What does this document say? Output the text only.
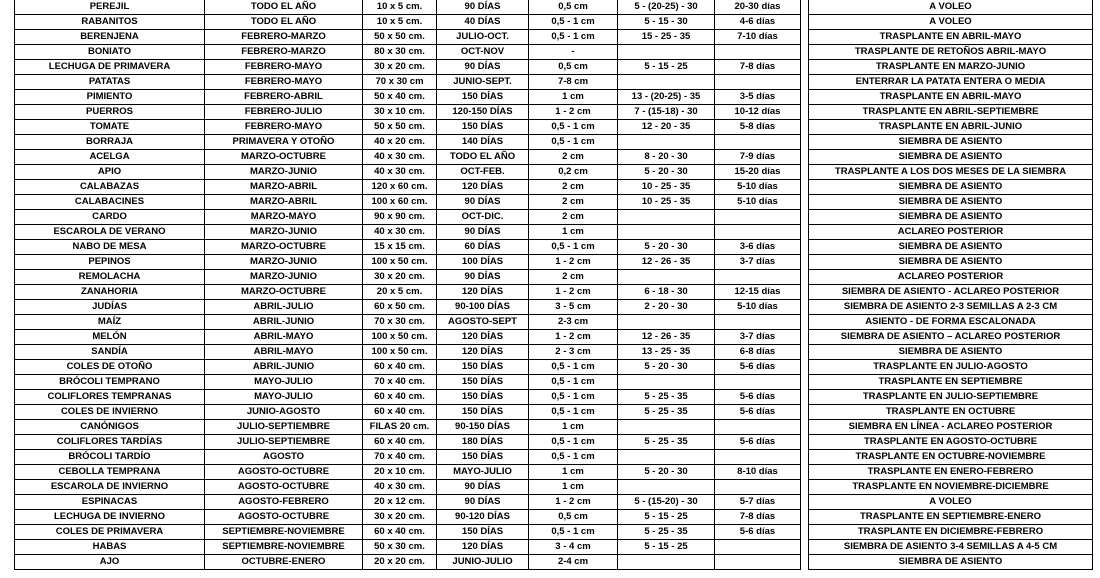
PEREJIL	TODO EL AÑO	10 x 5 cm.	90 DÍAS	0,5 cm	5 - (20-25) - 30	20-30 días		A VOLEO
RABANITOS	TODO EL AÑO	10 x 5 cm.	40 DÍAS	0,5 - 1 cm	5 - 15 - 30	4-6 días		A VOLEO
BERENJENA	FEBRERO-MARZO	50 x 50 cm.	JULIO-OCT.	0,5 - 1 cm	15 - 25 - 35	7-10 días		TRASPLANTE EN ABRIL-MAYO
BONIATO	FEBRERO-MARZO	80 x 30 cm.	OCT-NOV	-				TRASPLANTE DE RETOÑOS ABRIL-MAYO
LECHUGA DE PRIMAVERA	FEBRERO-MAYO	30 x 20 cm.	90 DÍAS	0,5 cm	5 - 15 - 25	7-8 días		TRASPLANTE EN MARZO-JUNIO
PATATAS	FEBRERO-MAYO	70 x 30 cm	JUNIO-SEPT.	7-8 cm				ENTERRAR LA PATATA ENTERA O MEDIA
PIMIENTO	FEBRERO-ABRIL	50 x 40 cm.	150 DÍAS	1 cm	13 - (20-25) - 35	3-5 días		TRASPLANTE EN ABRIL-MAYO
PUERROS	FEBRERO-JULIO	30 x 10 cm.	120-150 DÍAS	1 - 2 cm	7 - (15-18) - 30	10-12 días		TRASPLANTE EN ABRIL-SEPTIEMBRE
TOMATE	FEBRERO-MAYO	50 x 50 cm.	150 DÍAS	0,5 - 1 cm	12 - 20 - 35	5-8 días		TRASPLANTE EN ABRIL-JUNIO
BORRAJA	PRIMAVERA Y OTOÑO	40 x 20 cm.	140 DÍAS	0,5 - 1 cm				SIEMBRA DE ASIENTO
ACELGA	MARZO-OCTUBRE	40 x 30 cm.	TODO EL AÑO	2 cm	8 - 20 - 30	7-9 días		SIEMBRA DE ASIENTO
APIO	MARZO-JUNIO	40 x 30 cm.	OCT-FEB.	0,2 cm	5 - 20 - 30	15-20 días		TRASPLANTE A LOS DOS MESES DE LA SIEMBRA
CALABAZAS	MARZO-ABRIL	120 x 60 cm.	120 DÍAS	2 cm	10 - 25 - 35	5-10 días		SIEMBRA DE ASIENTO
CALABACINES	MARZO-ABRIL	100 x 60 cm.	90 DÍAS	2 cm	10 - 25 - 35	5-10 días		SIEMBRA DE ASIENTO
CARDO	MARZO-MAYO	90 x 90 cm.	OCT-DIC.	2 cm				SIEMBRA DE ASIENTO
ESCAROLA DE VERANO	MARZO-JUNIO	40 x 30 cm.	90 DÍAS	1 cm				ACLAREO POSTERIOR
NABO DE MESA	MARZO-OCTUBRE	15 x 15 cm.	60 DÍAS	0,5 - 1 cm	5 - 20 - 30	3-6 días		SIEMBRA DE ASIENTO
PEPINOS	MARZO-JUNIO	100 x 50 cm.	100 DÍAS	1 - 2 cm	12 - 26 - 35	3-7 días		SIEMBRA DE ASIENTO
REMOLACHA	MARZO-JUNIO	30 x 20 cm.	90 DÍAS	2 cm				ACLAREO POSTERIOR
ZANAHORIA	MARZO-OCTUBRE	20 x 5 cm.	120 DÍAS	1 - 2 cm	6 - 18 - 30	12-15 días		SIEMBRA DE ASIENTO - ACLAREO POSTERIOR
JUDÍAS	ABRIL-JULIO	60 x 50 cm.	90-100 DÍAS	3 - 5 cm	2 - 20 - 30	5-10 días		SIEMBRA DE ASIENTO 2-3 SEMILLAS A 2-3 CM
MAÍZ	ABRIL-JUNIO	70 x 30 cm.	AGOSTO-SEPT	2-3 cm				ASIENTO - DE FORMA ESCALONADA
MELÓN	ABRIL-MAYO	100 x 50 cm.	120 DÍAS	1 - 2 cm	12 - 26 - 35	3-7 días		SIEMBRA DE ASIENTO – ACLAREO POSTERIOR
SANDÍA	ABRIL-MAYO	100 x 50 cm.	120 DÍAS	2 - 3 cm	13 - 25 - 35	6-8 días		SIEMBRA DE ASIENTO
COLES DE OTOÑO	ABRIL-JUNIO	60 x 40 cm.	150 DÍAS	0,5 - 1 cm	5 - 20 - 30	5-6 días		TRASPLANTE EN JULIO-AGOSTO
BRÓCOLI TEMPRANO	MAYO-JULIO	70 x 40 cm.	150 DÍAS	0,5 - 1 cm				TRASPLANTE EN SEPTIEMBRE
COLIFLORES TEMPRANAS	MAYO-JULIO	60 x 40 cm.	150 DÍAS	0,5 - 1 cm	5 - 25 - 35	5-6 días		TRASPLANTE EN JULIO-SEPTIEMBRE
COLES DE INVIERNO	JUNIO-AGOSTO	60 x 40 cm.	150 DÍAS	0,5 - 1 cm	5 - 25 - 35	5-6 días		TRASPLANTE EN OCTUBRE
CANÓNIGOS	JULIO-SEPTIEMBRE	FILAS 20 cm.	90-150 DÍAS	1 cm				SIEMBRA EN LÍNEA - ACLAREO POSTERIOR
COLIFLORES TARDÍAS	JULIO-SEPTIEMBRE	60 x 40 cm.	180 DÍAS	0,5 - 1 cm	5 - 25 - 35	5-6 días		TRASPLANTE EN AGOSTO-OCTUBRE
BRÓCOLI TARDÍO	AGOSTO	70 x 40 cm.	150 DÍAS	0,5 - 1 cm				TRASPLANTE EN OCTUBRE-NOVIEMBRE
CEBOLLA TEMPRANA	AGOSTO-OCTUBRE	20 x 10 cm.	MAYO-JULIO	1 cm	5 - 20 - 30	8-10 días		TRASPLANTE EN ENERO-FEBRERO
ESCAROLA DE INVIERNO	AGOSTO-OCTUBRE	40 x 30 cm.	90 DÍAS	1 cm				TRASPLANTE EN NOVIEMBRE-DICIEMBRE
ESPINACAS	AGOSTO-FEBRERO	20 x 12 cm.	90 DÍAS	1 - 2 cm	5 - (15-20) - 30	5-7 días		A VOLEO
LECHUGA DE INVIERNO	AGOSTO-OCTUBRE	30 x 20 cm.	90-120 DÍAS	0,5 cm	5 - 15 - 25	7-8 días		TRASPLANTE EN SEPTIEMBRE-ENERO
COLES DE PRIMAVERA	SEPTIEMBRE-NOVIEMBRE	60 x 40 cm.	150 DÍAS	0,5 - 1 cm	5 - 25 - 35	5-6 días		TRASPLANTE EN DICIEMBRE-FEBRERO
HABAS	SEPTIEMBRE-NOVIEMBRE	50 x 30 cm.	120 DÍAS	3 - 4 cm	5 - 15 - 25			SIEMBRA DE ASIENTO 3-4 SEMILLAS A 4-5 CM
AJO	OCTUBRE-ENERO	20 x 20 cm.	JUNIO-JULIO	2-4 cm				SIEMBRA DE ASIENTO
